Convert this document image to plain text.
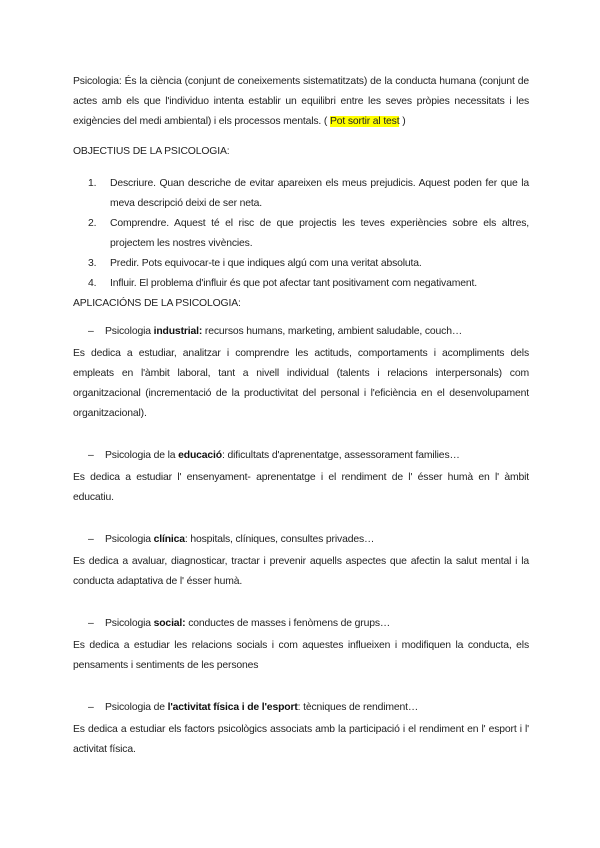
Psicologia: És la ciència (conjunt de coneixements sistematitzats) de la conducta humana (conjunt de actes amb els que l'individuo intenta establir un equilibri entre les seves pròpies necessitats i les exigències del medi ambiental) i els processos mentals. ( Pot sortir al test )

OBJECTIUS DE LA PSICOLOGIA:

1. Descriure. Quan descriche de evitar apareixen els meus prejudicis. Aquest poden fer que la meva descripció deixi de ser neta.
2. Comprendre. Aquest té el risc de que projectis les teves experiències sobre els altres, projectem les nostres vivències.
3. Predir. Pots equivocar-te i que indiques algú com una veritat absoluta.
4. Influir. El problema d'influir és que pot afectar tant positivament com negativament.

APLICACIÓNS DE LA PSICOLOGIA:

– Psicologia industrial: recursos humans, marketing, ambient saludable, couch…

Es dedica a estudiar, analitzar i comprendre les actituds, comportaments i acompliments dels empleats en l'àmbit laboral, tant a nivell individual (talents i relacions interpersonals) com organitzacional (incrementació de la productivitat del personal i l'eficiència en el desenvolupament organitzacional).

– Psicologia de la educació: dificultats d'aprenentatge, assessorament families…

Es dedica a estudiar l' ensenyament- aprenentatge i el rendiment de l' ésser humà en l' àmbit educatiu.

– Psicologia clínica: hospitals, clíniques, consultes privades…

Es dedica a avaluar, diagnosticar, tractar i prevenir aquells aspectes que afectin la salut mental i la conducta adaptativa de l' ésser humà.

– Psicologia social: conductes de masses i fenòmens de grups…

Es dedica a estudiar les relacions socials i com aquestes influeixen i modifiquen la conducta, els pensaments i sentiments de les persones

– Psicologia de l'activitat física i de l'esport: tècniques de rendiment…

Es dedica a estudiar els factors psicològics associats amb la participació i el rendiment en l' esport i l' activitat física.
